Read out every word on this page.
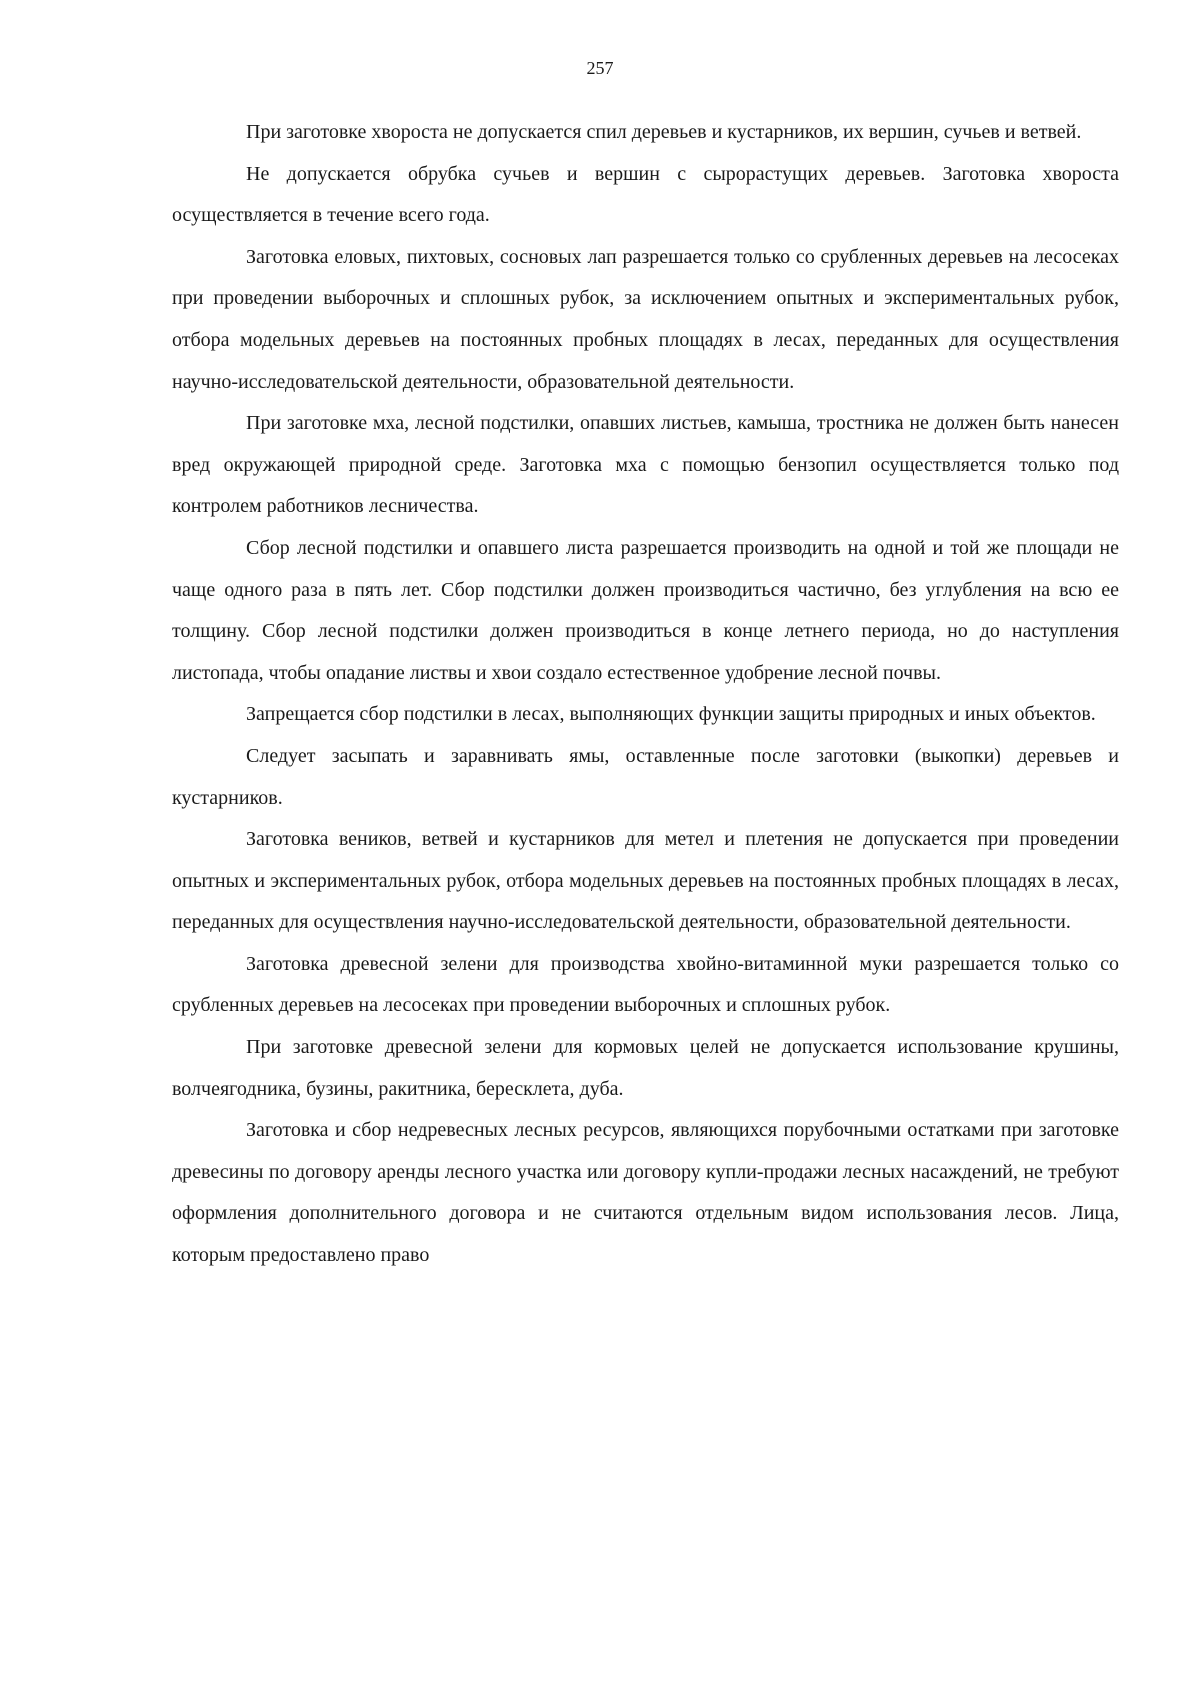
257

При заготовке хвороста не допускается спил деревьев и кустарников, их вершин, сучьев и ветвей.

Не допускается обрубка сучьев и вершин с сырорастущих деревьев. Заготовка хвороста осуществляется в течение всего года.

Заготовка еловых, пихтовых, сосновых лап разрешается только со срубленных деревьев на лесосеках при проведении выборочных и сплошных рубок, за исключением опытных и экспериментальных рубок, отбора модельных деревьев на постоянных пробных площадях в лесах, переданных для осуществления научно-исследовательской деятельности, образовательной деятельности.

При заготовке мха, лесной подстилки, опавших листьев, камыша, тростника не должен быть нанесен вред окружающей природной среде. Заготовка мха с помощью бензопил осуществляется только под контролем работников лесничества.

Сбор лесной подстилки и опавшего листа разрешается производить на одной и той же площади не чаще одного раза в пять лет. Сбор подстилки должен производиться частично, без углубления на всю ее толщину. Сбор лесной подстилки должен производиться в конце летнего периода, но до наступления листопада, чтобы опадание листвы и хвои создало естественное удобрение лесной почвы.

Запрещается сбор подстилки в лесах, выполняющих функции защиты природных и иных объектов.

Следует засыпать и заравнивать ямы, оставленные после заготовки (выкопки) деревьев и кустарников.

Заготовка веников, ветвей и кустарников для метел и плетения не допускается при проведении опытных и экспериментальных рубок, отбора модельных деревьев на постоянных пробных площадях в лесах, переданных для осуществления научно-исследовательской деятельности, образовательной деятельности.

Заготовка древесной зелени для производства хвойно-витаминной муки разрешается только со срубленных деревьев на лесосеках при проведении выборочных и сплошных рубок.

При заготовке древесной зелени для кормовых целей не допускается использование крушины, волчеягодника, бузины, ракитника, бересклета, дуба.

Заготовка и сбор недревесных лесных ресурсов, являющихся порубочными остатками при заготовке древесины по договору аренды лесного участка или договору купли-продажи лесных насаждений, не требуют оформления дополнительного договора и не считаются отдельным видом использования лесов. Лица, которым предоставлено право
